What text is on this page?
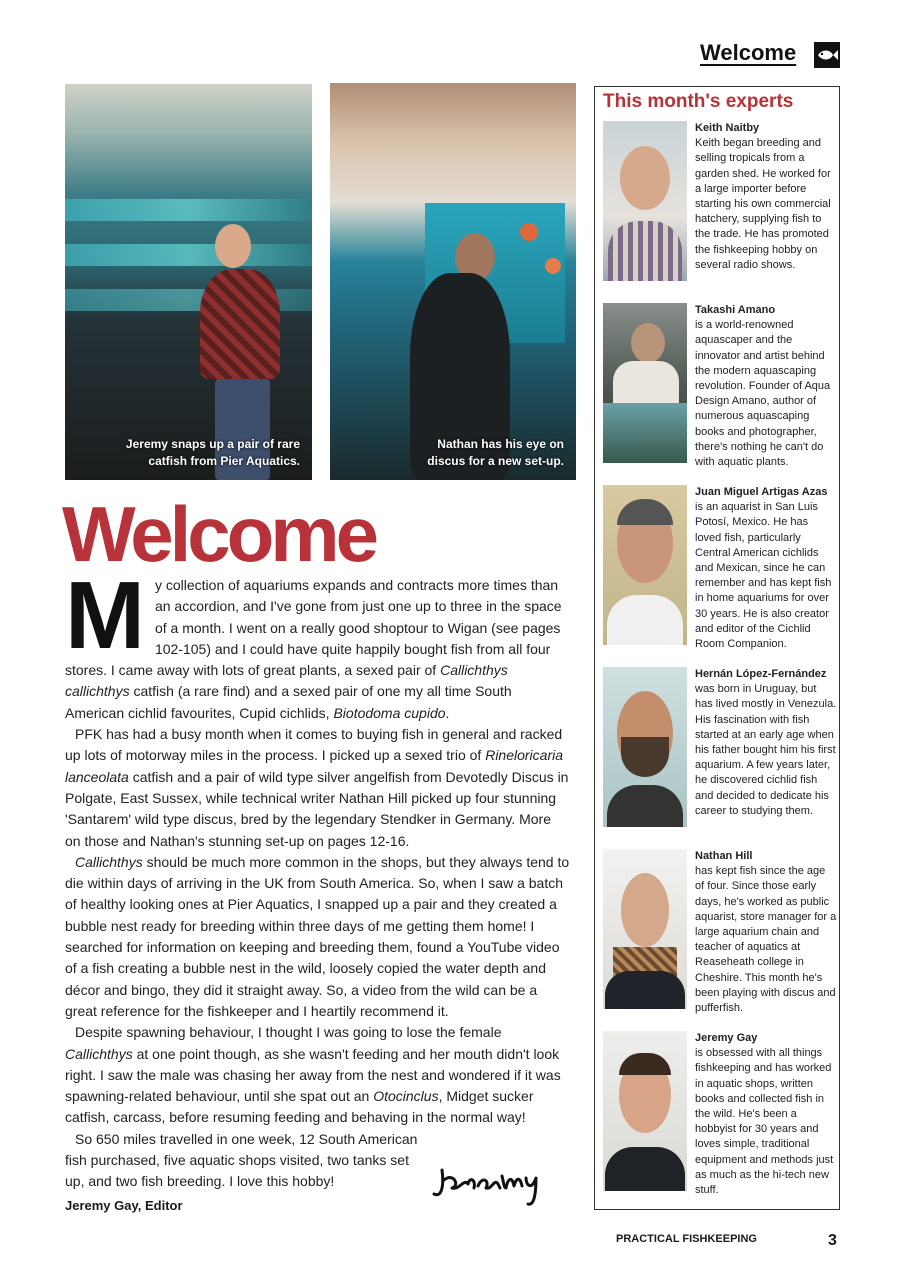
Welcome
Jeremy snaps up a pair of rare catfish from Pier Aquatics.
Nathan has his eye on discus for a new set-up.
Welcome

My collection of aquariums expands and contracts more times than an accordion, and I've gone from just one up to three in the space of a month. I went on a really good shoptour to Wigan (see pages 102-105) and I could have quite happily bought fish from all four stores. I came away with lots of great plants, a sexed pair of Callichthys callichthys catfish (a rare find) and a sexed pair of one my all time South American cichlid favourites, Cupid cichlids, Biotodoma cupido.

PFK has had a busy month when it comes to buying fish in general and racked up lots of motorway miles in the process. I picked up a sexed trio of Rineloricaria lanceolata catfish and a pair of wild type silver angelfish from Devotedly Discus in Polgate, East Sussex, while technical writer Nathan Hill picked up four stunning 'Santarem' wild type discus, bred by the legendary Stendker in Germany. More on those and Nathan's stunning set-up on pages 12-16.

Callichthys should be much more common in the shops, but they always tend to die within days of arriving in the UK from South America. So, when I saw a batch of healthy looking ones at Pier Aquatics, I snapped up a pair and they created a bubble nest ready for breeding within three days of me getting them home! I searched for information on keeping and breeding them, found a YouTube video of a fish creating a bubble nest in the wild, loosely copied the water depth and décor and bingo, they did it straight away. So, a video from the wild can be a great reference for the fishkeeper and I heartily recommend it.

Despite spawning behaviour, I thought I was going to lose the female Callichthys at one point though, as she wasn't feeding and her mouth didn't look right. I saw the male was chasing her away from the nest and wondered if it was spawning-related behaviour, until she spat out an Otocinclus, Midget sucker catfish, carcass, before resuming feeding and behaving in the normal way!

So 650 miles travelled in one week, 12 South American fish purchased, five aquatic shops visited, two tanks set up, and two fish breeding. I love this hobby!

Jeremy Gay, Editor
This month's experts
Keith Naitby
Keith began breeding and selling tropicals from a garden shed. He worked for a large importer before starting his own commercial hatchery, supplying fish to the trade. He has promoted the fishkeeping hobby on several radio shows.
Takashi Amano
is a world-renowned aquascaper and the innovator and artist behind the modern aquascaping revolution. Founder of Aqua Design Amano, author of numerous aquascaping books and photographer, there's nothing he can't do with aquatic plants.
Juan Miguel Artigas Azas
is an aquarist in San Luis Potosí, Mexico. He has loved fish, particularly Central American cichlids and Mexican, since he can remember and has kept fish in home aquariums for over 30 years. He is also creator and editor of the Cichlid Room Companion.
Hernán López-Fernández
was born in Uruguay, but has lived mostly in Venezula. His fascination with fish started at an early age when his father bought him his first aquarium. A few years later, he discovered cichlid fish and decided to dedicate his career to studying them.
Nathan Hill
has kept fish since the age of four. Since those early days, he's worked as public aquarist, store manager for a large aquarium chain and teacher of aquatics at Reaseheath college in Cheshire. This month he's been playing with discus and pufferfish.
Jeremy Gay
is obsessed with all things fishkeeping and has worked in aquatic shops, written books and collected fish in the wild. He's been a hobbyist for 30 years and loves simple, traditional equipment and methods just as much as the hi-tech new stuff.
PRACTICAL FISHKEEPING	3
